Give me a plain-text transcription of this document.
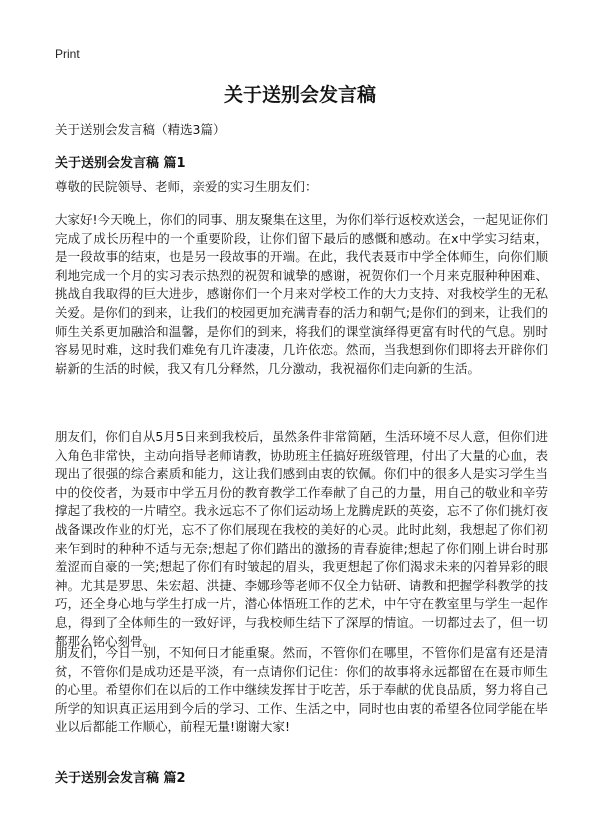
Print
关于送别会发言稿
关于送别会发言稿（精选3篇）
关于送别会发言稿 篇1

尊敬的民院领导、老师，亲爱的实习生朋友们：

大家好!今天晚上，你们的同事、朋友聚集在这里，为你们举行返校欢送会，一起见证你们完成了成长历程中的一个重要阶段，让你们留下最后的感慨和感动。在x中学实习结束，是一段故事的结束，也是另一段故事的开端。在此，我代表聂市中学全体师生，向你们顺利地完成一个月的实习表示热烈的祝贺和诚挚的感谢，祝贺你们一个月来克服种种困难、挑战自我取得的巨大进步，感谢你们一个月来对学校工作的大力支持、对我校学生的无私关爱。是你们的到来，让我们的校园更加充满青春的活力和朝气;是你们的到来，让我们的师生关系更加融洽和温馨，是你们的到来，将我们的课堂演绎得更富有时代的气息。别时容易见时难，这时我们难免有几许凄凄，几许依恋。然而，当我想到你们即将去开辟你们崭新的生活的时候，我又有几分释然，几分激动，我祝福你们走向新的生活。

朋友们，你们自从5月5日来到我校后，虽然条件非常简陋，生活环境不尽人意，但你们进入角色非常快，主动向指导老师请教，协助班主任搞好班级管理，付出了大量的心血，表现出了很强的综合素质和能力，这让我们感到由衷的钦佩。你们中的很多人是实习学生当中的佼佼者，为聂市中学五月份的教育教学工作奉献了自己的力量，用自己的敬业和辛劳撑起了我校的一片晴空。我永远忘不了你们运动场上龙腾虎跃的英姿，忘不了你们挑灯夜战备课改作业的灯光，忘不了你们展现在我校的美好的心灵。此时此刻，我想起了你们初来乍到时的种种不适与无奈;想起了你们踏出的激扬的青春旋律;想起了你们刚上讲台时那羞涩而自豪的一笑;想起了你们有时皱起的眉头，我更想起了你们渴求未来的闪着异彩的眼神。尤其是罗思、朱宏超、洪捷、李娜珍等老师不仅全力钻研、请教和把握学科教学的技巧，还全身心地与学生打成一片，潜心体悟班工作的艺术，中午守在教室里与学生一起作息，得到了全体师生的一致好评，与我校师生结下了深厚的情谊。一切都过去了，但一切都那么铭心刻骨。

朋友们，今日一别，不知何日才能重聚。然而，不管你们在哪里，不管你们是富有还是清贫，不管你们是成功还是平淡，有一点请你们记住：你们的故事将永远都留在在聂市师生的心里。希望你们在以后的工作中继续发挥甘于吃苦，乐于奉献的优良品质，努力将自己所学的知识真正运用到今后的学习、工作、生活之中，同时也由衷的希望各位同学能在毕业以后都能工作顺心，前程无量!谢谢大家!

关于送别会发言稿 篇2
